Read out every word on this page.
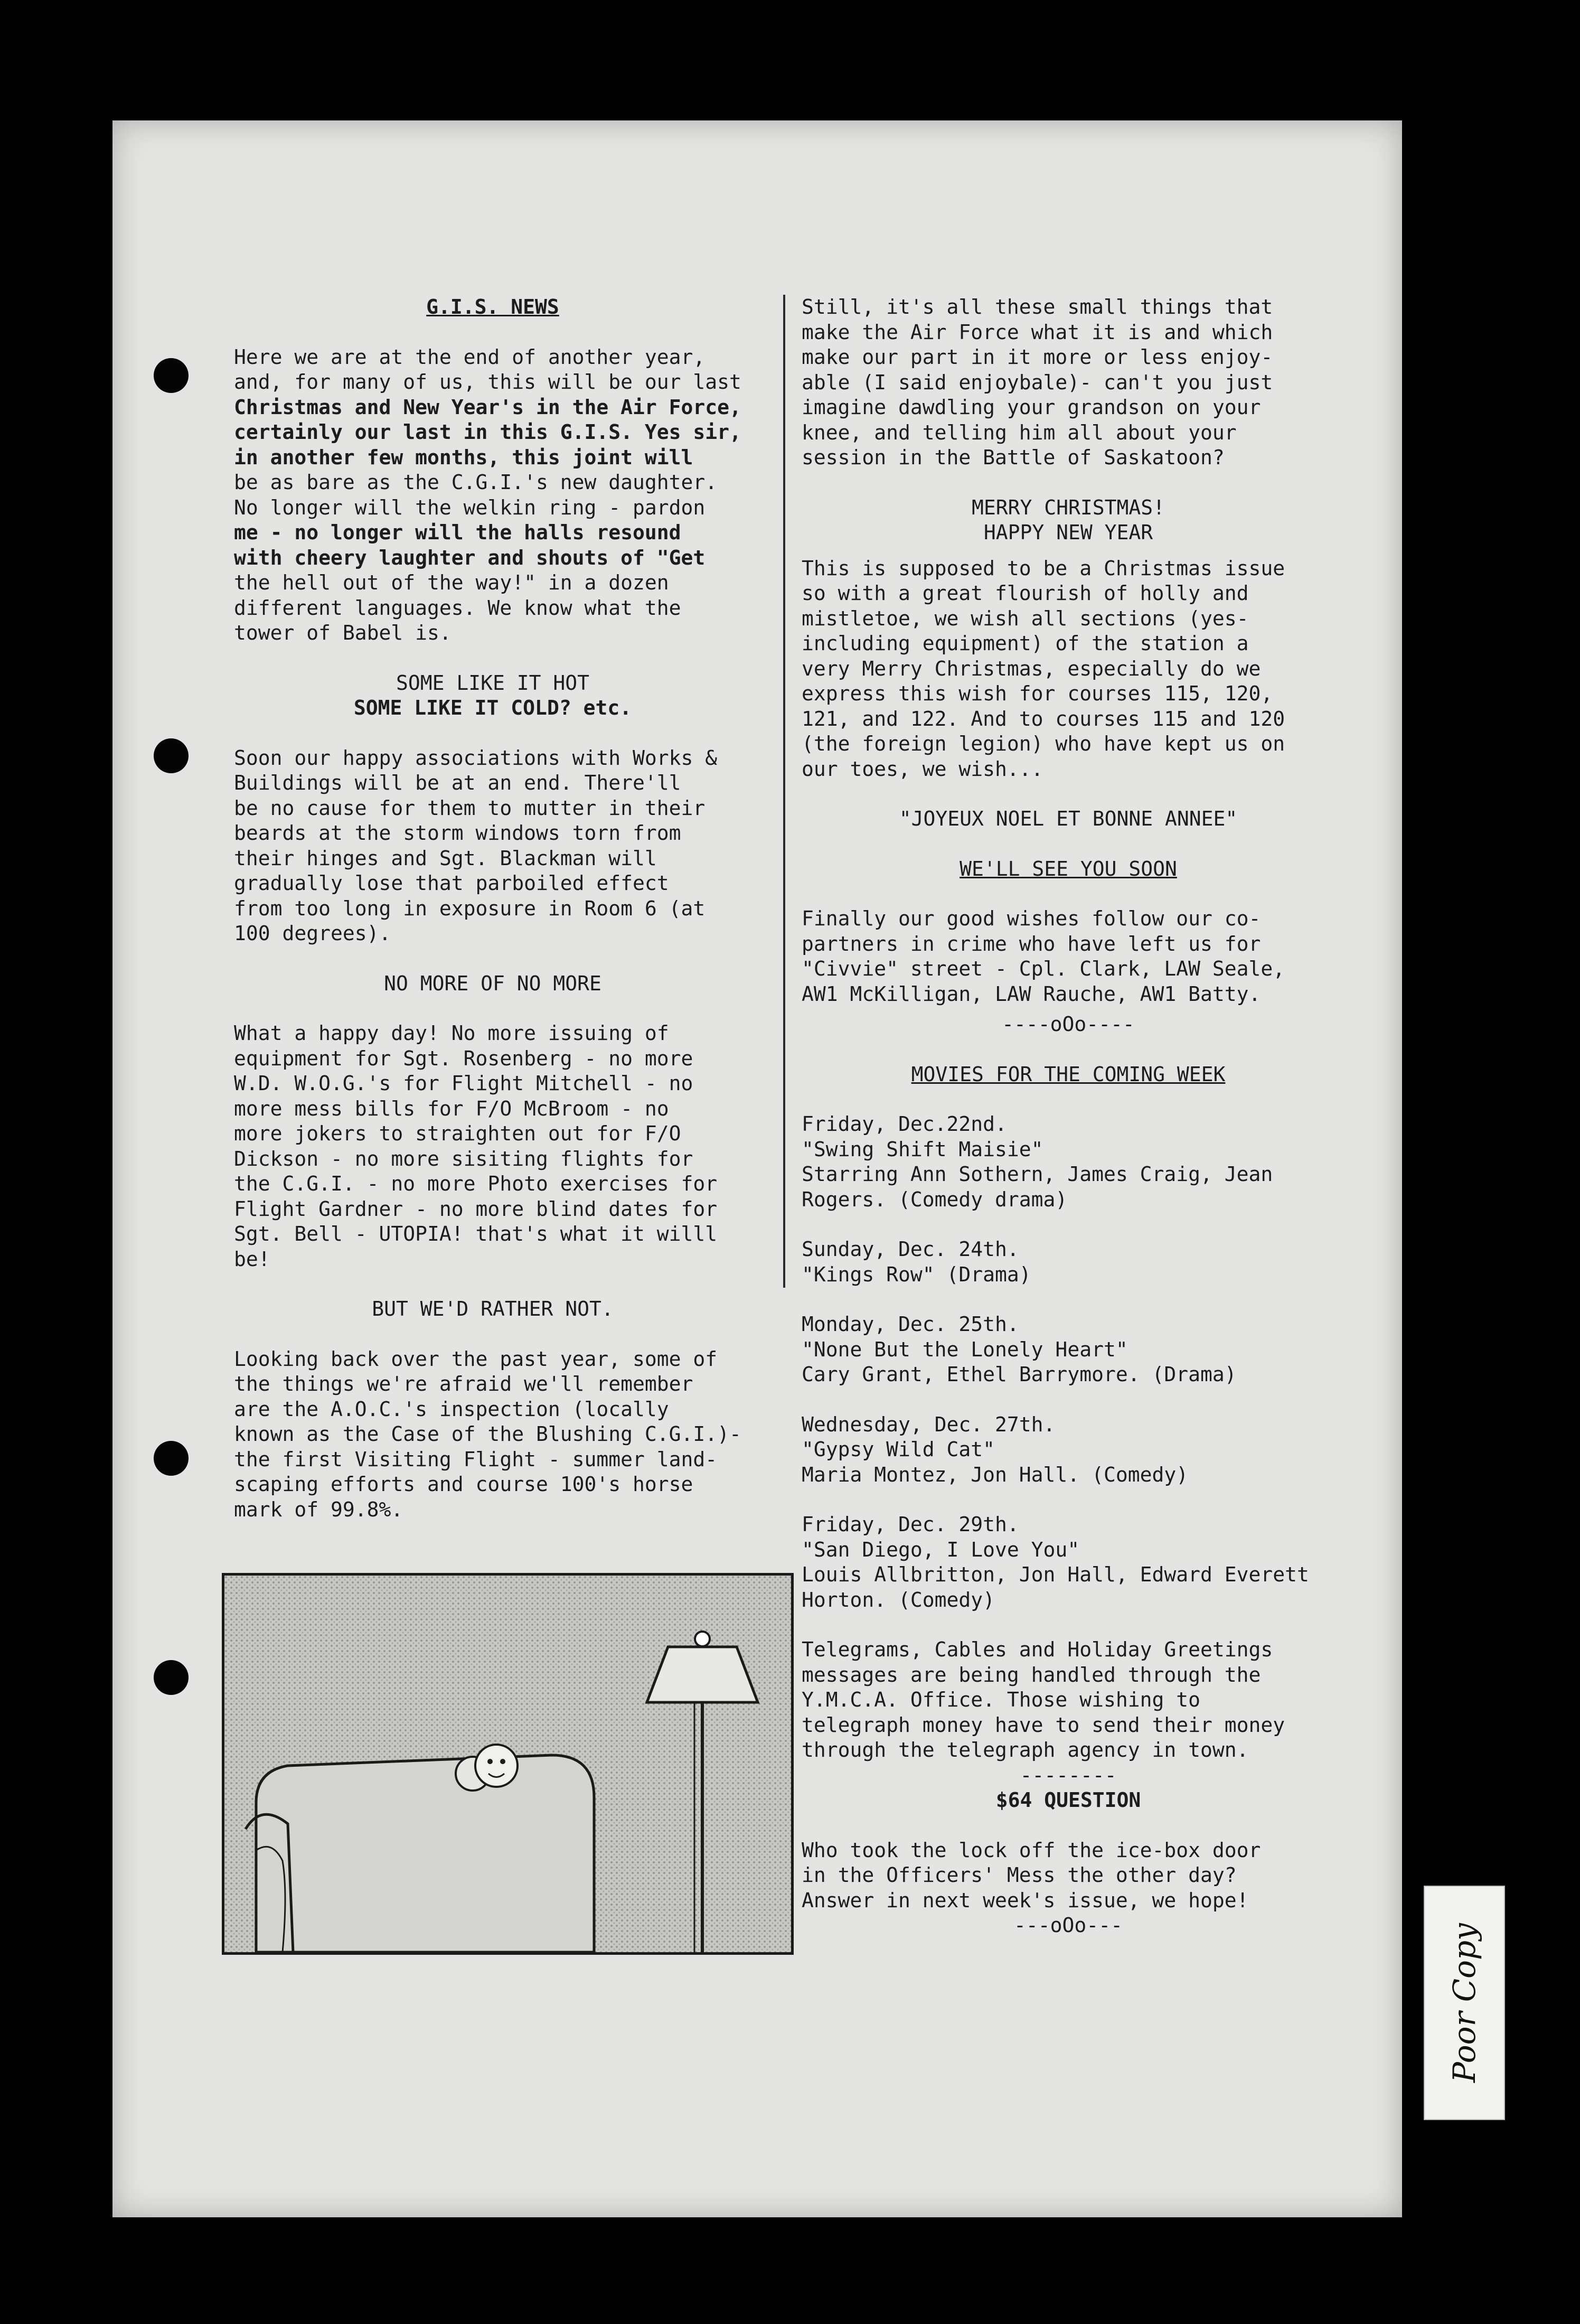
G.I.S. NEWS

Here we are at the end of another year,
and, for many of us, this will be our last
Christmas and New Year's in the Air Force,
certainly our last in this G.I.S. Yes sir,
in another few months, this joint will
be as bare as the C.G.I.'s new daughter.
No longer will the welkin ring - pardon
me - no longer will the halls resound
with cheery laughter and shouts of "Get
the hell out of the way!" in a dozen
different languages. We know what the
tower of Babel is.

SOME LIKE IT HOT
SOME LIKE IT COLD? etc.

Soon our happy associations with Works &
Buildings will be at an end. There'll
be no cause for them to mutter in their
beards at the storm windows torn from
their hinges and Sgt. Blackman will
gradually lose that parboiled effect
from too long in exposure in Room 6 (at
100 degrees).

NO MORE OF NO MORE

What a happy day! No more issuing of
equipment for Sgt. Rosenberg - no more
W.D. W.O.G.'s for Flight Mitchell - no
more mess bills for F/O McBroom - no
more jokers to straighten out for F/O
Dickson - no more sisiting flights for
the C.G.I. - no more Photo exercises for
Flight Gardner - no more blind dates for
Sgt. Bell - UTOPIA! that's what it willl
be!

BUT WE'D RATHER NOT.

Looking back over the past year, some of
the things we're afraid we'll remember
are the A.O.C.'s inspection (locally
known as the Case of the Blushing C.G.I.)-
the first Visiting Flight - summer land-
scaping efforts and course 100's horse
mark of 99.8%.

Still, it's all these small things that
make the Air Force what it is and which
make our part in it more or less enjoy-
able (I said enjoybale)- can't you just
imagine dawdling your grandson on your
knee, and telling him all about your
session in the Battle of Saskatoon?

MERRY CHRISTMAS!
HAPPY NEW YEAR

This is supposed to be a Christmas issue
so with a great flourish of holly and
mistletoe, we wish all sections (yes-
including equipment) of the station a
very Merry Christmas, especially do we
express this wish for courses 115, 120,
121, and 122. And to courses 115 and 120
(the foreign legion) who have kept us on
our toes, we wish...

"JOYEUX NOEL ET BONNE ANNEE"

WE'LL SEE YOU SOON

Finally our good wishes follow our co-
partners in crime who have left us for
"Civvie" street - Cpl. Clark, LAW Seale,
AW1 McKilligan, LAW Rauche, AW1 Batty.

----oOo----

MOVIES FOR THE COMING WEEK

Friday, Dec.22nd.
"Swing Shift Maisie"
Starring Ann Sothern, James Craig, Jean
Rogers. (Comedy drama)

Sunday, Dec. 24th.
"Kings Row" (Drama)

Monday, Dec. 25th.
"None But the Lonely Heart"
Cary Grant, Ethel Barrymore. (Drama)

Wednesday, Dec. 27th.
"Gypsy Wild Cat"
Maria Montez, Jon Hall. (Comedy)

Friday, Dec. 29th.
"San Diego, I Love You"
Louis Allbritton, Jon Hall, Edward Everett
Horton. (Comedy)

Telegrams, Cables and Holiday Greetings
messages are being handled through the
Y.M.C.A. Office. Those wishing to
telegraph money have to send their money
through the telegraph agency in town.

--------

$64 QUESTION

Who took the lock off the ice-box door
in the Officers' Mess the other day?
Answer in next week's issue, we hope!

---oOo---	Poor Copy
